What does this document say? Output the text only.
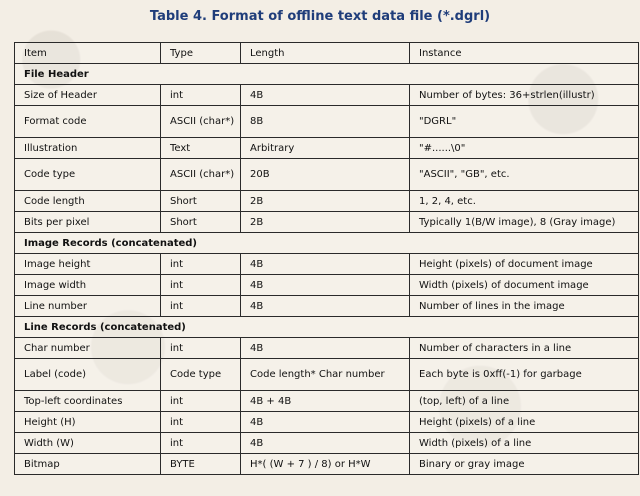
Table 4. Format of offline text data file (*.dgrl)
Item	Type	Length	Instance
File Header			
Size of Header	int	4B	Number of bytes: 36+strlen(illustr)
Format code	ASCII (char*)	8B	"DGRL"
Illustration	Text	Arbitrary	"#......\0"
Code type	ASCII (char*)	20B	"ASCII", "GB", etc.
Code length	Short	2B	1, 2, 4, etc.
Bits per pixel	Short	2B	Typically 1(B/W image), 8 (Gray image)
Image Records (concatenated)			
Image height	int	4B	Height (pixels) of document image
Image width	int	4B	Width (pixels) of document image
Line number	int	4B	Number of lines in the image
Line Records (concatenated)			
Char number	int	4B	Number of characters in a line
Label (code)	Code type	Code length* Char number	Each byte is 0xff(-1) for garbage
Top-left coordinates	int	4B + 4B	(top, left) of a line
Height (H)	int	4B	Height (pixels) of a line
Width (W)	int	4B	Width (pixels) of a line
Bitmap	BYTE	H*( (W + 7 ) / 8) or H*W	Binary or gray image
